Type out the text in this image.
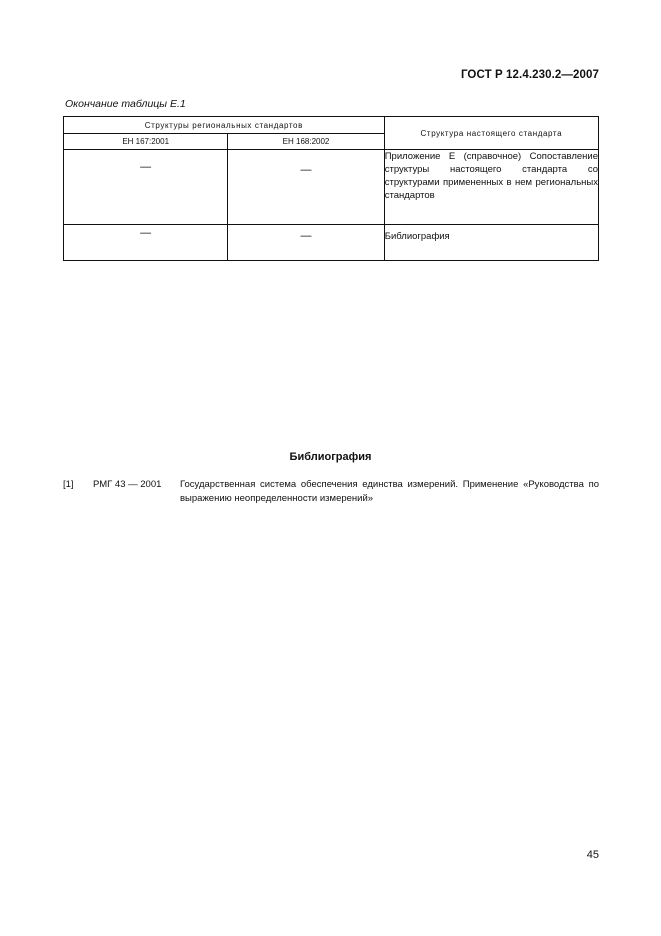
ГОСТ Р 12.4.230.2—2007
Окончание таблицы Е.1
Структуры региональных стандартов		Структура настоящего стандарта
ЕН 167:2001	ЕН 168:2002	
—	—	Приложение Е (справочное) Сопоставление структуры настоящего стандарта со структурами примененных в нем региональных стандартов
—	—	Библиография
Библиография
[1] РМГ 43 — 2001 Государственная система обеспечения единства измерений. Применение «Руководства по выражению неопределенности измерений»
45
